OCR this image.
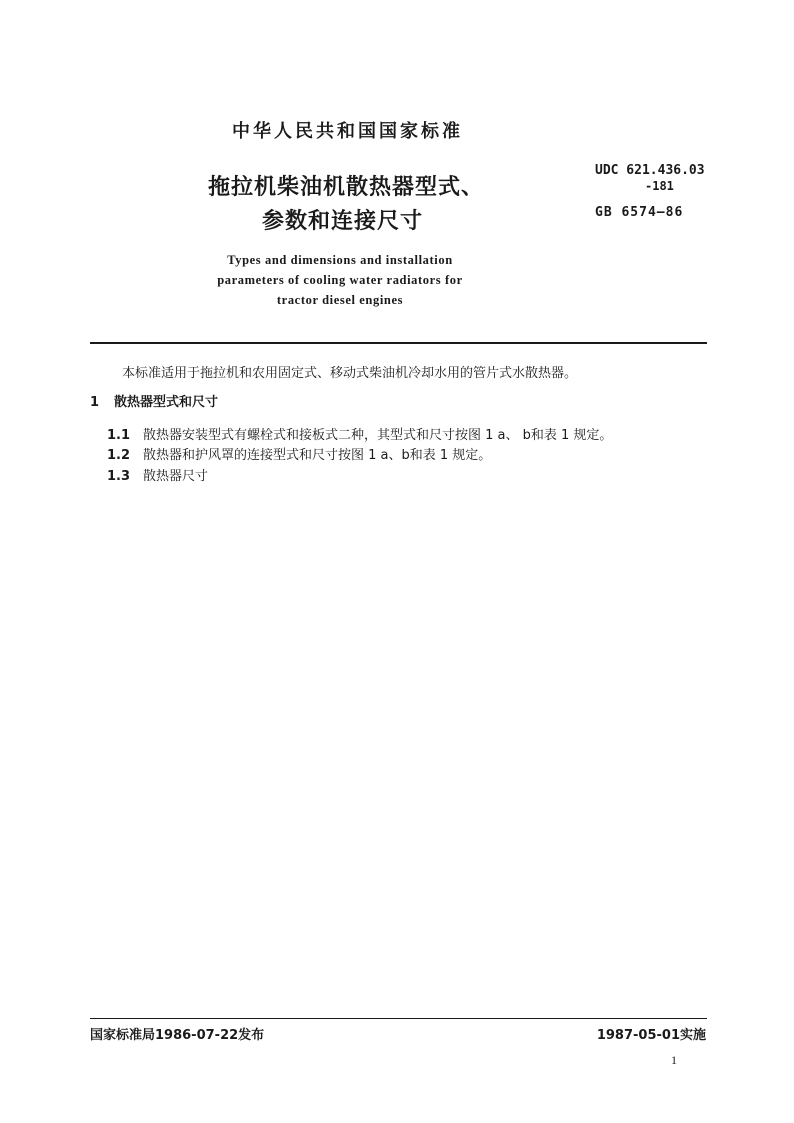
中华人民共和国国家标准
拖拉机柴油机散热器型式、
参数和连接尺寸
UDC 621.436.03
-181
GB 6574—86
Types and dimensions and installation
parameters of cooling water radiators for
tractor diesel engines
本标准适用于拖拉机和农用固定式、移动式柴油机冷却水用的管片式水散热器。
1 散热器型式和尺寸
1.1 散热器安装型式有螺栓式和接板式二种，其型式和尺寸按图 1 a、 b和表 1 规定。
1.2 散热器和护风罩的连接型式和尺寸按图 1 a、b和表 1 规定。
1.3 散热器尺寸
国家标准局1986-07-22发布	1987-05-01实施
1
